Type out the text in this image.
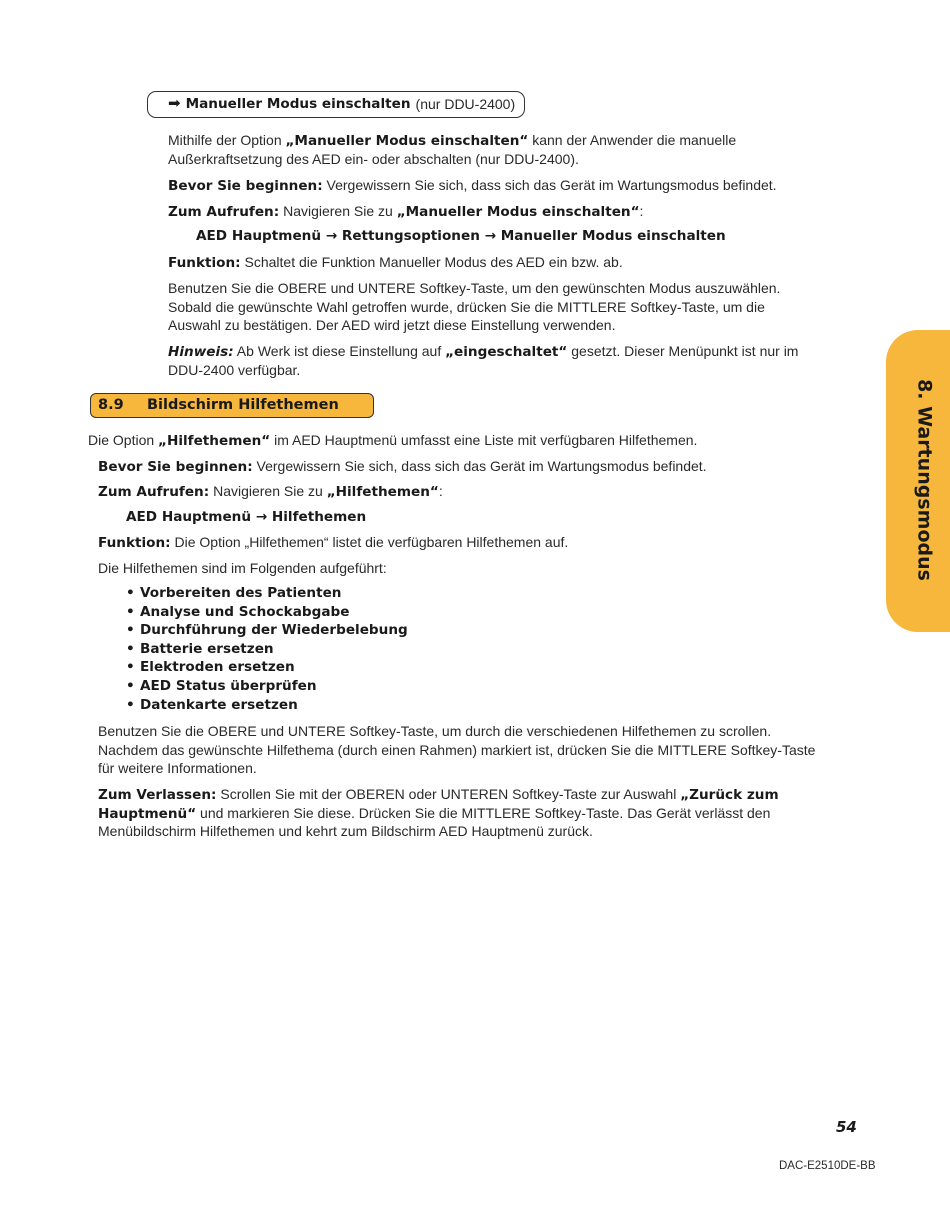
➡ Manueller Modus einschalten (nur DDU-2400)

Mithilfe der Option „Manueller Modus einschalten“ kann der Anwender die manuelle

Außerkraftsetzung des AED ein- oder abschalten (nur DDU-2400).

Bevor Sie beginnen: Vergewissern Sie sich, dass sich das Gerät im Wartungsmodus befindet.

Zum Aufrufen: Navigieren Sie zu „Manueller Modus einschalten“:

AED Hauptmenü → Rettungsoptionen → Manueller Modus einschalten

Funktion: Schaltet die Funktion Manueller Modus des AED ein bzw. ab.

Benutzen Sie die OBERE und UNTERE Softkey-Taste, um den gewünschten Modus auszuwählen.

Sobald die gewünschte Wahl getroffen wurde, drücken Sie die MITTLERE Softkey-Taste, um die

Auswahl zu bestätigen. Der AED wird jetzt diese Einstellung verwenden.

Hinweis: Ab Werk ist diese Einstellung auf „eingeschaltet“ gesetzt. Dieser Menüpunkt ist nur im

DDU-2400 verfügbar.

8.9	Bildschirm Hilfethemen

Die Option „Hilfethemen“ im AED Hauptmenü umfasst eine Liste mit verfügbaren Hilfethemen.

Bevor Sie beginnen: Vergewissern Sie sich, dass sich das Gerät im Wartungsmodus befindet.

Zum Aufrufen: Navigieren Sie zu „Hilfethemen“:

AED Hauptmenü → Hilfethemen

Funktion: Die Option „Hilfethemen“ listet die verfügbaren Hilfethemen auf.

Die Hilfethemen sind im Folgenden aufgeführt:

• Vorbereiten des Patienten
• Analyse und Schockabgabe
• Durchführung der Wiederbelebung
• Batterie ersetzen
• Elektroden ersetzen
• AED Status überprüfen
• Datenkarte ersetzen

Benutzen Sie die OBERE und UNTERE Softkey-Taste, um durch die verschiedenen Hilfethemen zu scrollen.

Nachdem das gewünschte Hilfethema (durch einen Rahmen) markiert ist, drücken Sie die MITTLERE Softkey-Taste

für weitere Informationen.

Zum Verlassen: Scrollen Sie mit der OBEREN oder UNTEREN Softkey-Taste zur Auswahl „Zurück zum

Hauptmenü“ und markieren Sie diese. Drücken Sie die MITTLERE Softkey-Taste. Das Gerät verlässt den

Menübildschirm Hilfethemen und kehrt zum Bildschirm AED Hauptmenü zurück.

8. Wartungsmodus
54
DAC-E2510DE-BB
